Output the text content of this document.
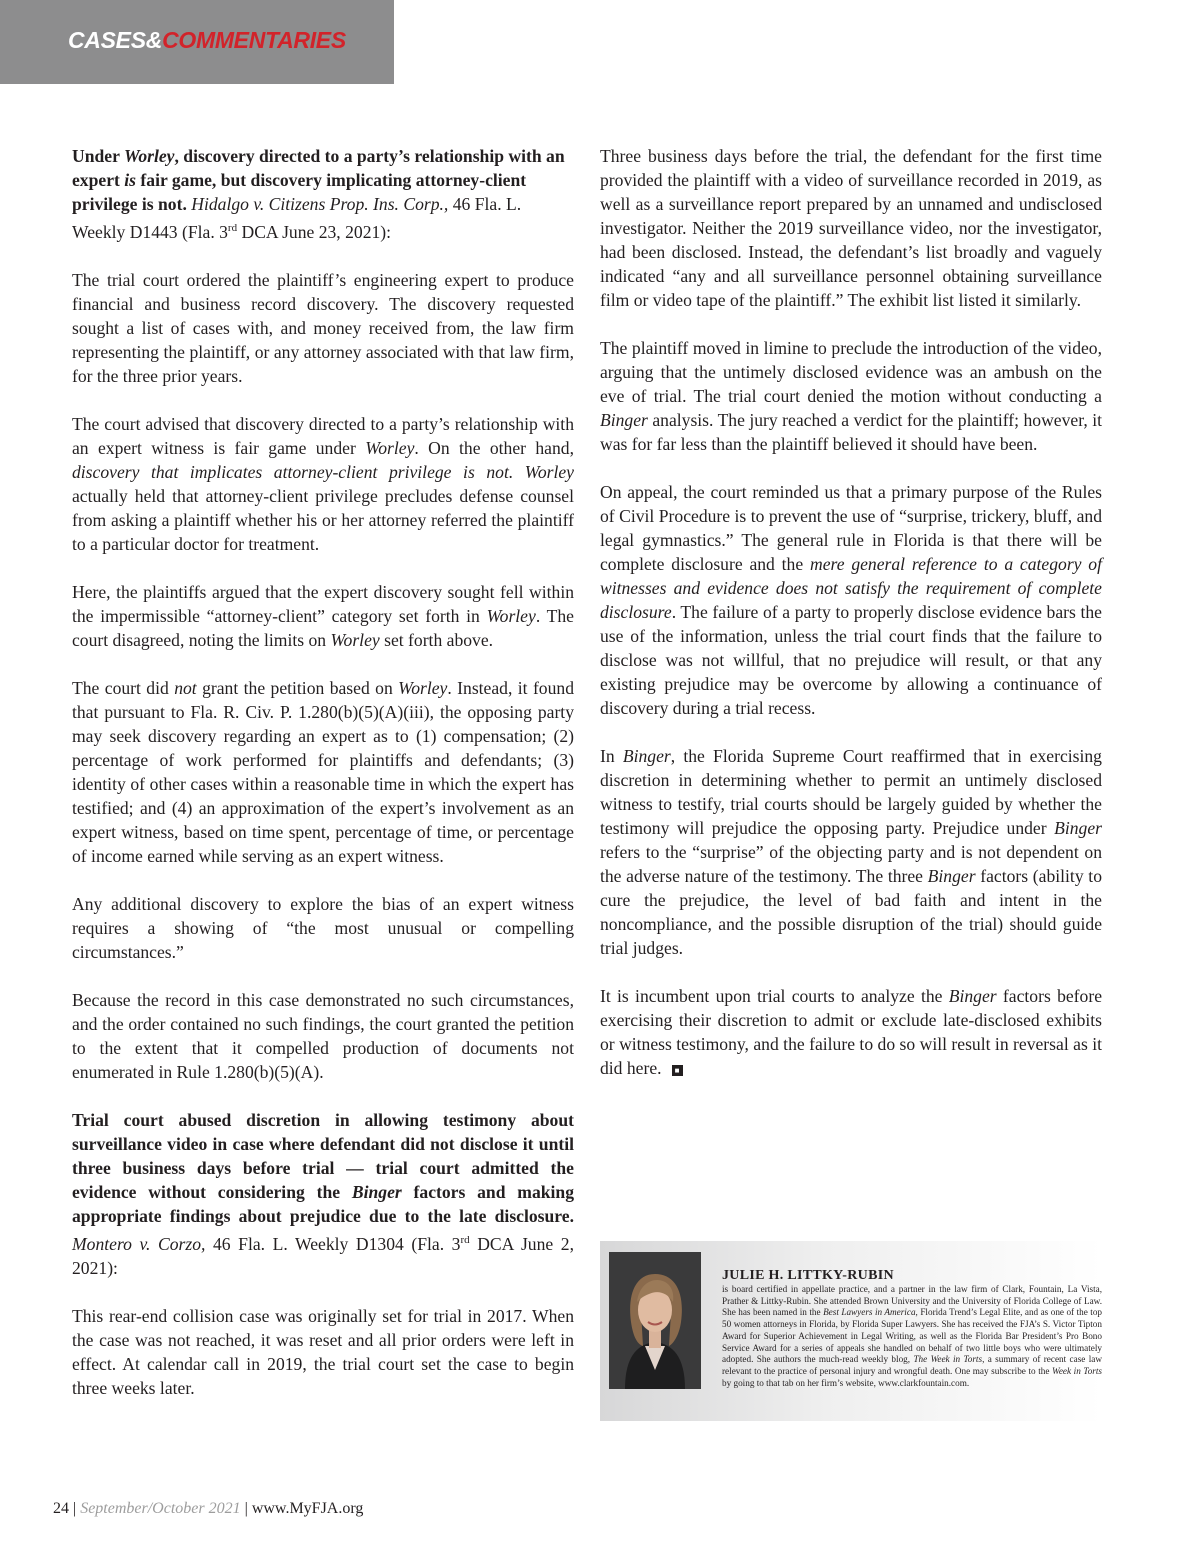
CASES&COMMENTARIES

Under Worley, discovery directed to a party’s relationship with an expert is fair game, but discovery implicating attorney-client privilege is not. Hidalgo v. Citizens Prop. Ins. Corp., 46 Fla. L. Weekly D1443 (Fla. 3rd DCA June 23, 2021):

The trial court ordered the plaintiff’s engineering expert to produce financial and business record discovery. The discovery requested sought a list of cases with, and money received from, the law firm representing the plaintiff, or any attorney associated with that law firm, for the three prior years.

The court advised that discovery directed to a party’s relationship with an expert witness is fair game under Worley. On the other hand, discovery that implicates attorney-client privilege is not. Worley actually held that attorney-client privilege precludes defense counsel from asking a plaintiff whether his or her attorney referred the plaintiff to a particular doctor for treatment.

Here, the plaintiffs argued that the expert discovery sought fell within the impermissible “attorney-client” category set forth in Worley. The court disagreed, noting the limits on Worley set forth above.

The court did not grant the petition based on Worley. Instead, it found that pursuant to Fla. R. Civ. P. 1.280(b)(5)(A)(iii), the opposing party may seek discovery regarding an expert as to (1) compensation; (2) percentage of work performed for plaintiffs and defendants; (3) identity of other cases within a reasonable time in which the expert has testified; and (4) an approximation of the expert’s involvement as an expert witness, based on time spent, percentage of time, or percentage of income earned while serving as an expert witness.

Any additional discovery to explore the bias of an expert witness requires a showing of “the most unusual or compelling circumstances.”

Because the record in this case demonstrated no such circumstances, and the order contained no such findings, the court granted the petition to the extent that it compelled production of documents not enumerated in Rule 1.280(b)(5)(A).

Trial court abused discretion in allowing testimony about surveillance video in case where defendant did not disclose it until three business days before trial — trial court admitted the evidence without considering the Binger factors and making appropriate findings about prejudice due to the late disclosure. Montero v. Corzo, 46 Fla. L. Weekly D1304 (Fla. 3rd DCA June 2, 2021):

This rear-end collision case was originally set for trial in 2017. When the case was not reached, it was reset and all prior orders were left in effect. At calendar call in 2019, the trial court set the case to begin three weeks later.

Three business days before the trial, the defendant for the first time provided the plaintiff with a video of surveillance recorded in 2019, as well as a surveillance report prepared by an unnamed and undisclosed investigator. Neither the 2019 surveillance video, nor the investigator, had been disclosed. Instead, the defendant’s list broadly and vaguely indicated “any and all surveillance personnel obtaining surveillance film or video tape of the plaintiff.” The exhibit list listed it similarly.

The plaintiff moved in limine to preclude the introduction of the video, arguing that the untimely disclosed evidence was an ambush on the eve of trial. The trial court denied the motion without conducting a Binger analysis. The jury reached a verdict for the plaintiff; however, it was for far less than the plaintiff believed it should have been.

On appeal, the court reminded us that a primary purpose of the Rules of Civil Procedure is to prevent the use of “surprise, trickery, bluff, and legal gymnastics.” The general rule in Florida is that there will be complete disclosure and the mere general reference to a category of witnesses and evidence does not satisfy the requirement of complete disclosure. The failure of a party to properly disclose evidence bars the use of the information, unless the trial court finds that the failure to disclose was not willful, that no prejudice will result, or that any existing prejudice may be overcome by allowing a continuance of discovery during a trial recess.

In Binger, the Florida Supreme Court reaffirmed that in exercising discretion in determining whether to permit an untimely disclosed witness to testify, trial courts should be largely guided by whether the testimony will prejudice the opposing party. Prejudice under Binger refers to the “surprise” of the objecting party and is not dependent on the adverse nature of the testimony. The three Binger factors (ability to cure the prejudice, the level of bad faith and intent in the noncompliance, and the possible disruption of the trial) should guide trial judges.

It is incumbent upon trial courts to analyze the Binger factors before exercising their discretion to admit or exclude late-disclosed exhibits or witness testimony, and the failure to do so will result in reversal as it did here. ■

JULIE H. LITTKY-RUBIN
is board certified in appellate practice, and a partner in the law firm of Clark, Fountain, La Vista, Prather & Littky-Rubin. She attended Brown University and the University of Florida College of Law. She has been named in the Best Lawyers in America, Florida Trend’s Legal Elite, and as one of the top 50 women attorneys in Florida, by Florida Super Lawyers. She has received the FJA’s S. Victor Tipton Award for Superior Achievement in Legal Writing, as well as the Florida Bar President’s Pro Bono Service Award for a series of appeals she handled on behalf of two little boys who were ultimately adopted. She authors the much-read weekly blog, The Week in Torts, a summary of recent case law relevant to the practice of personal injury and wrongful death. One may subscribe to the Week in Torts by going to that tab on her firm’s website, www.clarkfountain.com.
24 | September/October 2021 | www.MyFJA.org
